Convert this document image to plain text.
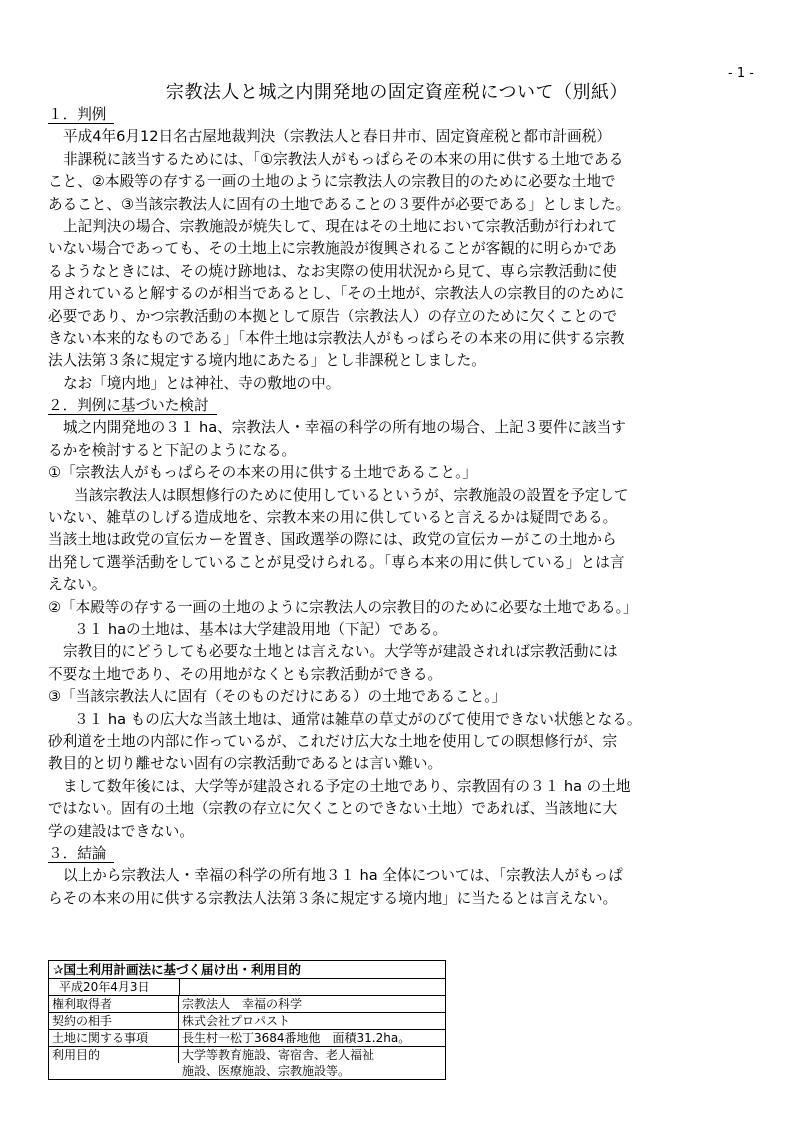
- 1 -
宗教法人と城之内開発地の固定資産税について（別紙）
１．判例
平成4年6月12日名古屋地裁判決（宗教法人と春日井市、固定資産税と都市計画税）
非課税に該当するためには、「①宗教法人がもっぱらその本来の用に供する土地である
こと、②本殿等の存する一画の土地のように宗教法人の宗教目的のために必要な土地で
あること、③当該宗教法人に固有の土地であることの３要件が必要である」としました。
上記判決の場合、宗教施設が焼失して、現在はその土地において宗教活動が行われて
いない場合であっても、その土地上に宗教施設が復興されることが客観的に明らかであ
るようなときには、その焼け跡地は、なお実際の使用状況から見て、専ら宗教活動に使
用されていると解するのが相当であるとし、「その土地が、宗教法人の宗教目的のために
必要であり、かつ宗教活動の本拠として原告（宗教法人）の存立のために欠くことので
きない本来的なものである」「本件土地は宗教法人がもっぱらその本来の用に供する宗教
法人法第３条に規定する境内地にあたる」とし非課税としました。
なお「境内地」とは神社、寺の敷地の中。
２．判例に基づいた検討
城之内開発地の３１ ha、宗教法人・幸福の科学の所有地の場合、上記３要件に該当す
るかを検討すると下記のようになる。
①「宗教法人がもっぱらその本来の用に供する土地であること。」
当該宗教法人は瞑想修行のために使用しているというが、宗教施設の設置を予定して
いない、雑草のしげる造成地を、宗教本来の用に供していると言えるかは疑問である。
当該土地は政党の宣伝カーを置き、国政選挙の際には、政党の宣伝カーがこの土地から
出発して選挙活動をしていることが見受けられる。「専ら本来の用に供している」とは言
えない。
②「本殿等の存する一画の土地のように宗教法人の宗教目的のために必要な土地である。」
３１ haの土地は、基本は大学建設用地（下記）である。
宗教目的にどうしても必要な土地とは言えない。大学等が建設されれば宗教活動には
不要な土地であり、その用地がなくとも宗教活動ができる。
③「当該宗教法人に固有（そのものだけにある）の土地であること。」
３１ ha もの広大な当該土地は、通常は雑草の草丈がのびて使用できない状態となる。
砂利道を土地の内部に作っているが、これだけ広大な土地を使用しての瞑想修行が、宗
教目的と切り離せない固有の宗教活動であるとは言い難い。
まして数年後には、大学等が建設される予定の土地であり、宗教固有の３１ ha の土地
ではない。固有の土地（宗教の存立に欠くことのできない土地）であれば、当該地に大
学の建設はできない。
３．結論
以上から宗教法人・幸福の科学の所有地３１ ha 全体については、「宗教法人がもっぱ
らその本来の用に供する宗教法人法第３条に規定する境内地」に当たるとは言えない。
✰国土利用計画法に基づく届け出・利用目的
平成20年4月3日
権利取得者	宗教法人　幸福の科学
契約の相手	株式会社プロパスト
土地に関する事項	長生村一松丁3684番地他　面積31.2ha。
利用目的	大学等教育施設、寄宿舎、老人福祉
施設、医療施設、宗教施設等。
